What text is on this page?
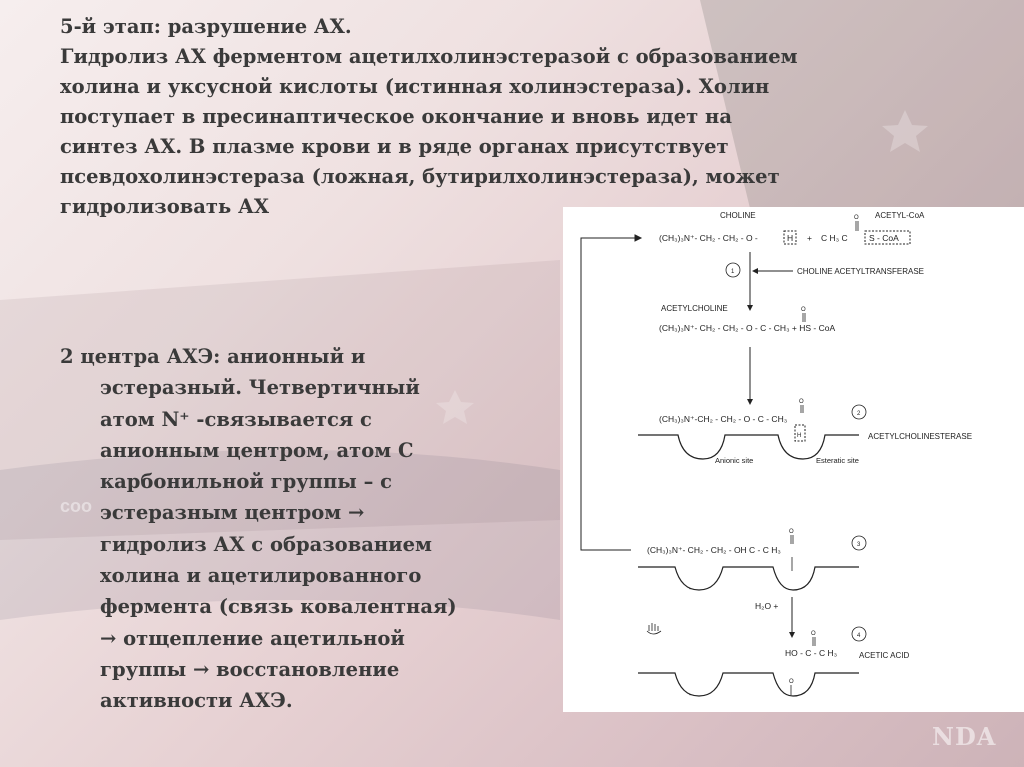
coo
5-й этап: разрушение АХ.
Гидролиз АХ ферментом ацетилхолинэстеразой с образованием
холина и уксусной кислоты (истинная холинэстераза). Холин
поступает в пресинаптическое окончание и вновь идет на
синтез АХ. В плазме крови и в ряде органах присутствует
псевдохолинэстераза (ложная, бутирилхолинэстераза), может
гидролизовать АХ
2 центра АХЭ: анионный и
эстеразный. Четвертичный
атом N⁺ -связывается с
анионным центром, атом С
карбонильной группы – с
эстеразным центром →
гидролиз АХ с образованием
холина и ацетилированного
фермента (связь ковалентная)
→ отщепление ацетильной
группы → восстановление
активности АХЭ.
CHOLINE	ACETYL-CoA
(CH₃)₃N⁺- CH₂ - CH₂ - O -	H + C H₃ C
O
S - CoA
1	CHOLINE ACETYLTRANSFERASE
ACETYLCHOLINE
(CH₃)₃N⁺- CH₂ - CH₂ - O - C - CH₃ + HS - CoA
O
(CH₃)₃N⁺-CH₂ - CH₂ - O - C - CH₃
O
2
H	ACETYLCHOLINESTERASE
- Anionic site	Esteratic site
(CH₃)₃N⁺- CH₂ - CH₂ - OH C - C H₃
O
3
-
H₂O +
HO - C - C H₃
O	4
ACETIC ACID
O
-
NDA
